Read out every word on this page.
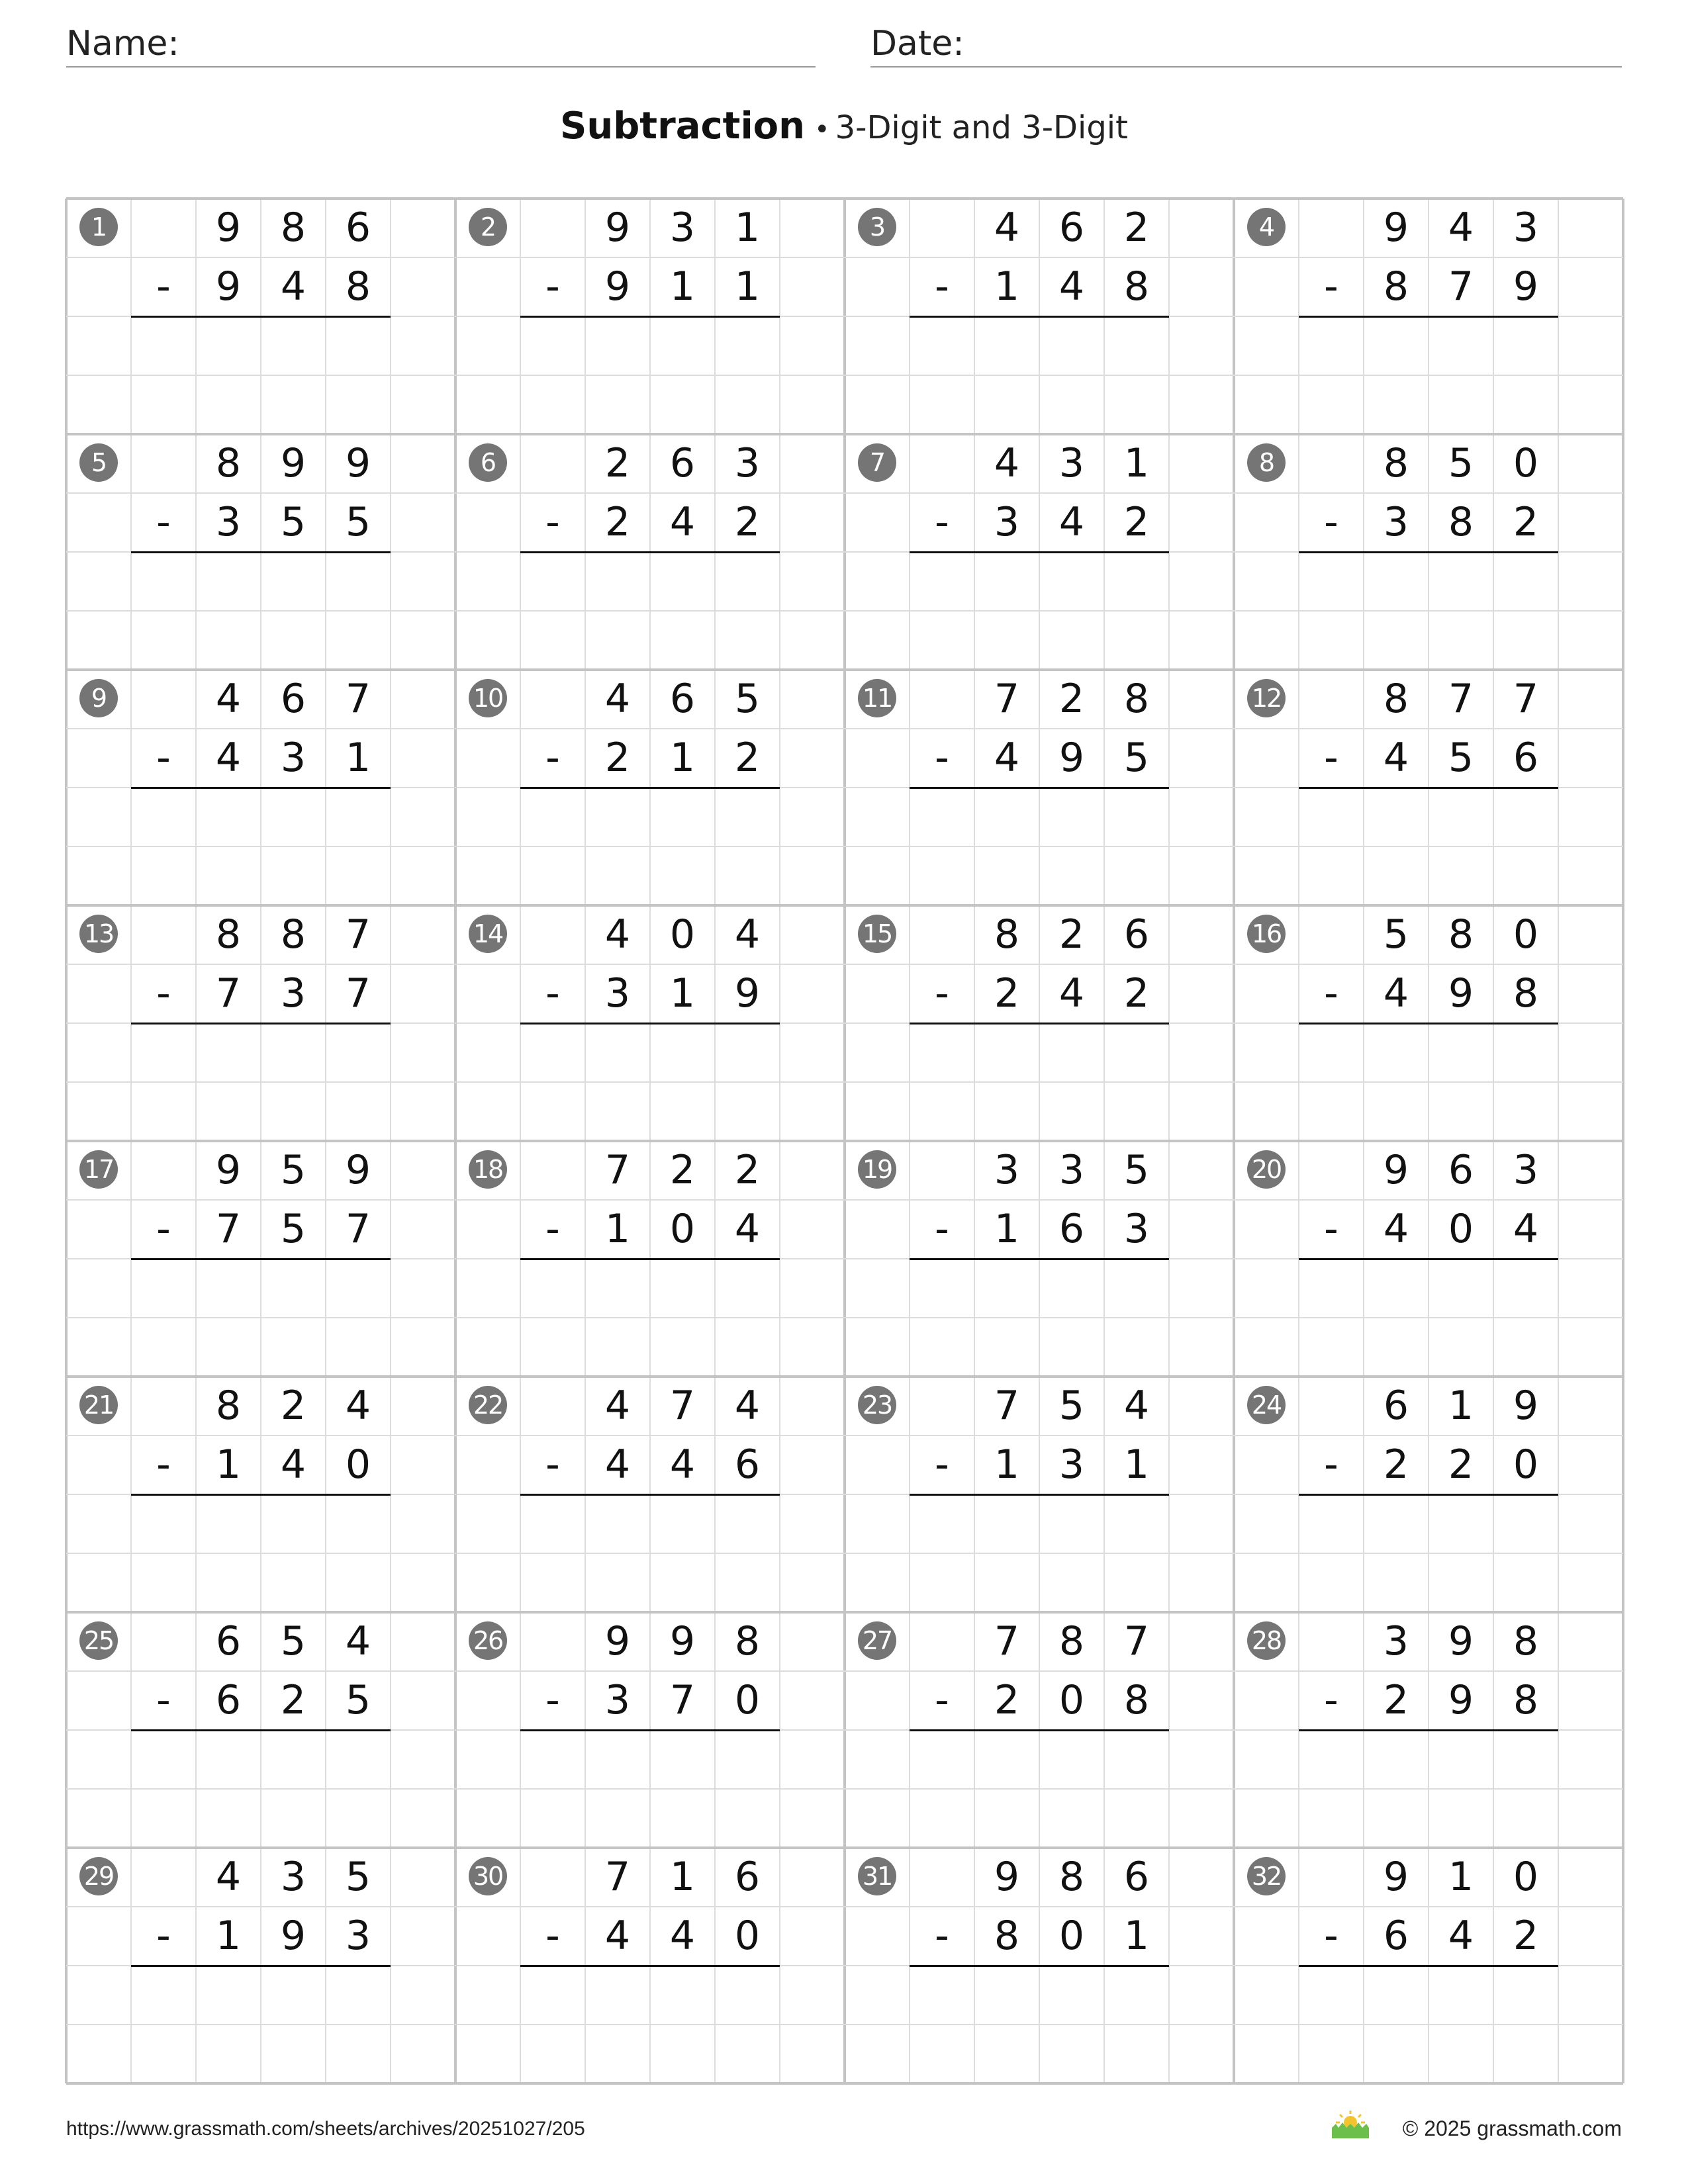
Name:	Date:
Subtraction • 3-Digit and 3-Digit
1	9 8 6
-	9 4 8
2	9 3 1
-	9 1 1
3	4 6 2
-	1 4 8
4	9 4 3
-	8 7 9
5	8 9 9
-	3 5 5
6	2 6 3
-	2 4 2
7	4 3 1
-	3 4 2
8	8 5 0
-	3 8 2
9	4 6 7
-	4 3 1
10	4 6 5
-	2 1 2
11	7 2 8
-	4 9 5
12	8 7 7
-	4 5 6
13	8 8 7
-	7 3 7
14	4 0 4
-	3 1 9
15	8 2 6
-	2 4 2
16	5 8 0
-	4 9 8
17	9 5 9
-	7 5 7
18	7 2 2
-	1 0 4
19	3 3 5
-	1 6 3
20	9 6 3
-	4 0 4
21	8 2 4
-	1 4 0
22	4 7 4
-	4 4 6
23	7 5 4
-	1 3 1
24	6 1 9
-	2 2 0
25	6 5 4
-	6 2 5
26	9 9 8
-	3 7 0
27	7 8 7
-	2 0 8
28	3 9 8
-	2 9 8
29	4 3 5
-	1 9 3
30	7 1 6
-	4 4 0
31	9 8 6
-	8 0 1
32	9 1 0
-	6 4 2
https://www.grassmath.com/sheets/archives/20251027/205	© 2025 grassmath.com
